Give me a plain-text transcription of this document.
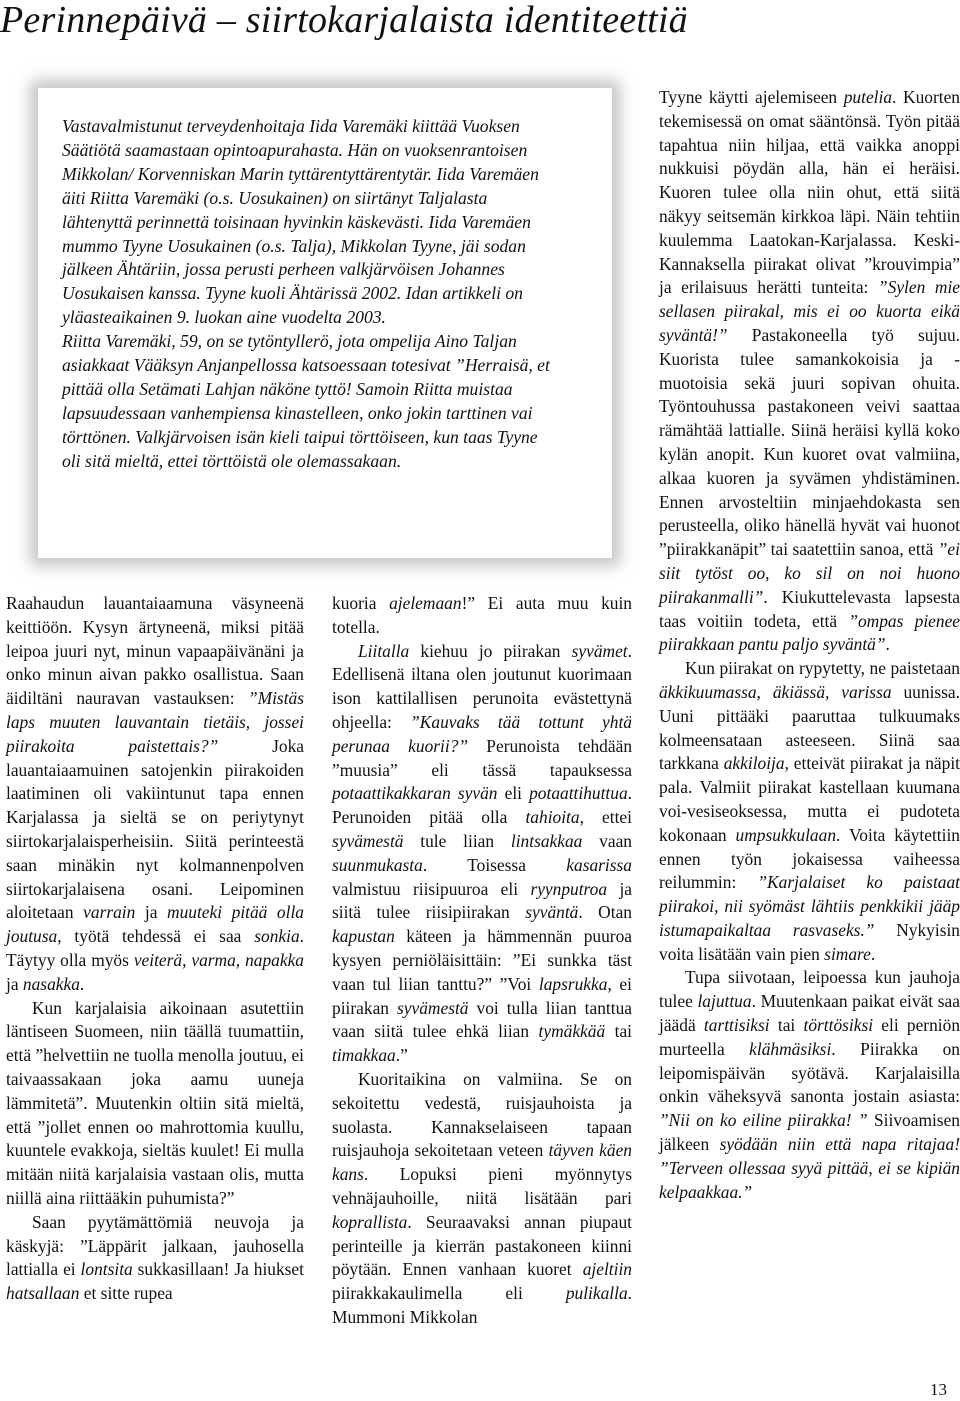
Perinnepäivä – siirtokarjalaista identiteettiä

Vastavalmistunut terveydenhoitaja Iida Varemäki kiittää Vuoksen Säätiötä saamastaan opintoapurahasta. Hän on vuoksenrantoisen Mikkolan/ Korvenniskan Marin tyttärentyttärentytär. Iida Varemäen äiti Riitta Varemäki (o.s. Uosukainen) on siirtänyt Taljalasta lähtenyttä perinnettä toisinaan hyvinkin käskevästi. Iida Varemäen mummo Tyyne Uosukainen (o.s. Talja), Mikkolan Tyyne, jäi sodan jälkeen Ähtäriin, jossa perusti perheen valkjärvöisen Johannes Uosukaisen kanssa. Tyyne kuoli Ähtärissä 2002. Idan artikkeli on yläasteaikainen 9. luokan aine vuodelta 2003.

Riitta Varemäki, 59, on se tytöntyllerö, jota ompelija Aino Taljan asiakkaat Vääksyn Anjanpellossa katsoessaan totesivat ”Herraisä, et pittää olla Setämati Lahjan näköne tyttö! Samoin Riitta muistaa lapsuudessaan vanhempiensa kinastelleen, onko jokin tarttinen vai törttönen. Valkjärvoisen isän kieli taipui törttöiseen, kun taas Tyyne oli sitä mieltä, ettei törttöistä ole olemassakaan.

Raahaudun lauantaiaamuna väsyneenä keittiöön. Kysyn ärtyneenä, miksi pitää leipoa juuri nyt, minun vapaapäivänäni ja onko minun aivan pakko osallistua. Saan äidiltäni nauravan vastauksen: ”Mistäs laps muuten lauvantain tietäis, jossei piirakoita paistettais?” Joka lauantaiaamuinen satojenkin piirakoiden laatiminen oli vakiintunut tapa ennen Karjalassa ja sieltä se on periytynyt siirtokarjalaisperheisiin. Siitä perinteestä saan minäkin nyt kolmannenpolven siirtokarjalaisena osani. Leipominen aloitetaan varrain ja muuteki pitää olla joutusa, työtä tehdessä ei saa sonkia. Täytyy olla myös veiterä, varma, napakka ja nasakka.

Kun karjalaisia aikoinaan asutettiin läntiseen Suomeen, niin täällä tuumattiin, että ”helvettiin ne tuolla menolla joutuu, ei taivaassakaan joka aamu uuneja lämmitetä”. Muutenkin oltiin sitä mieltä, että ”jollet ennen oo mahrottomia kuullu, kuuntele evakkoja, sieltäs kuulet! Ei mulla mitään niitä karjalaisia vastaan olis, mutta niillä aina riittääkin puhumista?”

Saan pyytämättömiä neuvoja ja käskyjä: ”Läppärit jalkaan, jauhosella lattialla ei lontsita sukkasillaan! Ja hiukset hatsallaan et sitte rupea

kuoria ajelemaan!” Ei auta muu kuin totella.

Liitalla kiehuu jo piirakan syvämet. Edellisenä iltana olen joutunut kuorimaan ison kattilallisen perunoita evästettynä ohjeella: ”Kauvaks tää tottunt yhtä perunaa kuorii?” Perunoista tehdään ”muusia” eli tässä tapauksessa potaattikakkaran syvän eli potaattihuttua. Perunoiden pitää olla tahioita, ettei syvämestä tule liian lintsakkaa vaan suunmukasta. Toisessa kasarissa valmistuu riisipuuroa eli ryynputroa ja siitä tulee riisipiirakan syväntä. Otan kapustan käteen ja hämmennän puuroa kysyen perniöläisittäin: ”Ei sunkka täst vaan tul liian tanttu?” ”Voi lapsrukka, ei piirakan syvämestä voi tulla liian tanttua vaan siitä tulee ehkä liian tymäkkää tai timakkaa.”

Kuoritaikina on valmiina. Se on sekoitettu vedestä, ruisjauhoista ja suolasta. Kannakselaiseen tapaan ruisjauhoja sekoitetaan veteen täyven käen kans. Lopuksi pieni myönnytys vehnäjauhoille, niitä lisätään pari koprallista. Seuraavaksi annan piupaut perinteille ja kierrän pastakoneen kiinni pöytään. Ennen vanhaan kuoret ajeltiin piirakkakaulimella eli pulikalla. Mummoni Mikkolan

Tyyne käytti ajelemiseen putelia. Kuorten tekemisessä on omat sääntönsä. Työn pitää tapahtua niin hiljaa, että vaikka anoppi nukkuisi pöydän alla, hän ei heräisi. Kuoren tulee olla niin ohut, että siitä näkyy seitsemän kirkkoa läpi. Näin tehtiin kuulemma Laatokan-Karjalassa. Keski-Kannaksella piirakat olivat ”krouvimpia” ja erilaisuus herätti tunteita: ”Sylen mie sellasen piirakal, mis ei oo kuorta eikä syväntä!” Pastakoneella työ sujuu. Kuorista tulee samankokoisia ja -muotoisia sekä juuri sopivan ohuita. Työntouhussa pastakoneen veivi saattaa rämähtää lattialle. Siinä heräisi kyllä koko kylän anopit. Kun kuoret ovat valmiina, alkaa kuoren ja syvämen yhdistäminen. Ennen arvosteltiin minjaehdokasta sen perusteella, oliko hänellä hyvät vai huonot ”piirakkanäpit” tai saatettiin sanoa, että ”ei siit tytöst oo, ko sil on noi huono piirakanmalli”. Kiukuttelevasta lapsesta taas voitiin todeta, että ”ompas pienee piirakkaan pantu paljo syväntä”.

Kun piirakat on rypytetty, ne paistetaan äkkikuumassa, äkiässä, varissa uunissa. Uuni pittääki paaruttaa tulkuumaks kolmeensataan asteeseen. Siinä saa tarkkana akkiloija, etteivät piirakat ja näpit pala. Valmiit piirakat kastellaan kuumana voi-vesiseoksessa, mutta ei pudoteta kokonaan umpsukkulaan. Voita käytettiin ennen työn jokaisessa vaiheessa reilummin: ”Karjalaiset ko paistaat piirakoi, nii syömäst lähtiis penkkikii jääp istumapaikaltaa rasvaseks.” Nykyisin voita lisätään vain pien simare.

Tupa siivotaan, leipoessa kun jauhoja tulee lajuttua. Muutenkaan paikat eivät saa jäädä tarttisiksi tai törttösiksi eli perniön murteella klähmäsiksi. Piirakka on leipomispäivän syötävä. Karjalaisilla onkin väheksyvä sanonta jostain asiasta: ”Nii on ko eiline piirakka! ” Siivoamisen jälkeen syödään niin että napa ritajaa! ”Terveen ollessaa syyä pittää, ei se kipiän kelpaakkaa.”

13
